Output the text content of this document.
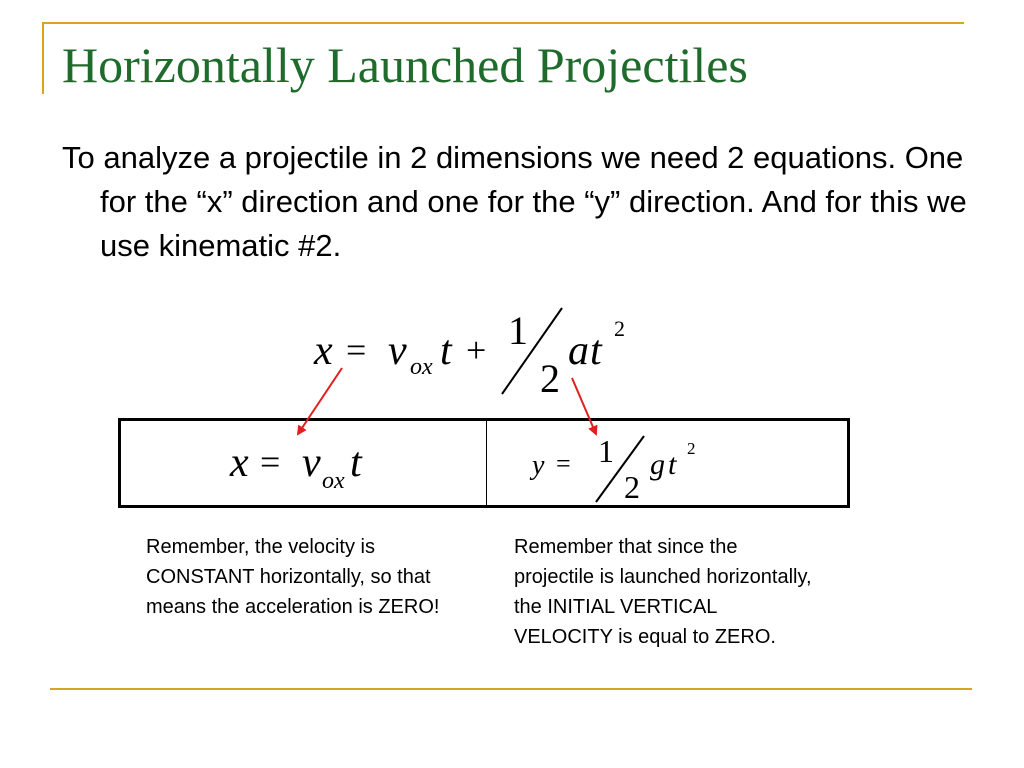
Horizontally Launched Projectiles

To analyze a projectile in 2 dimensions we need 2 equations. One for the “x” direction and one for the “y” direction. And for this we use kinematic #2.

x = v ox t + 1
2
a t 2
x = v ox t	y = 1
2
g t 2

Remember, the velocity is CONSTANT horizontally, so that means the acceleration is ZERO!

Remember that since the projectile is launched horizontally, the INITIAL VERTICAL VELOCITY is equal to ZERO.
